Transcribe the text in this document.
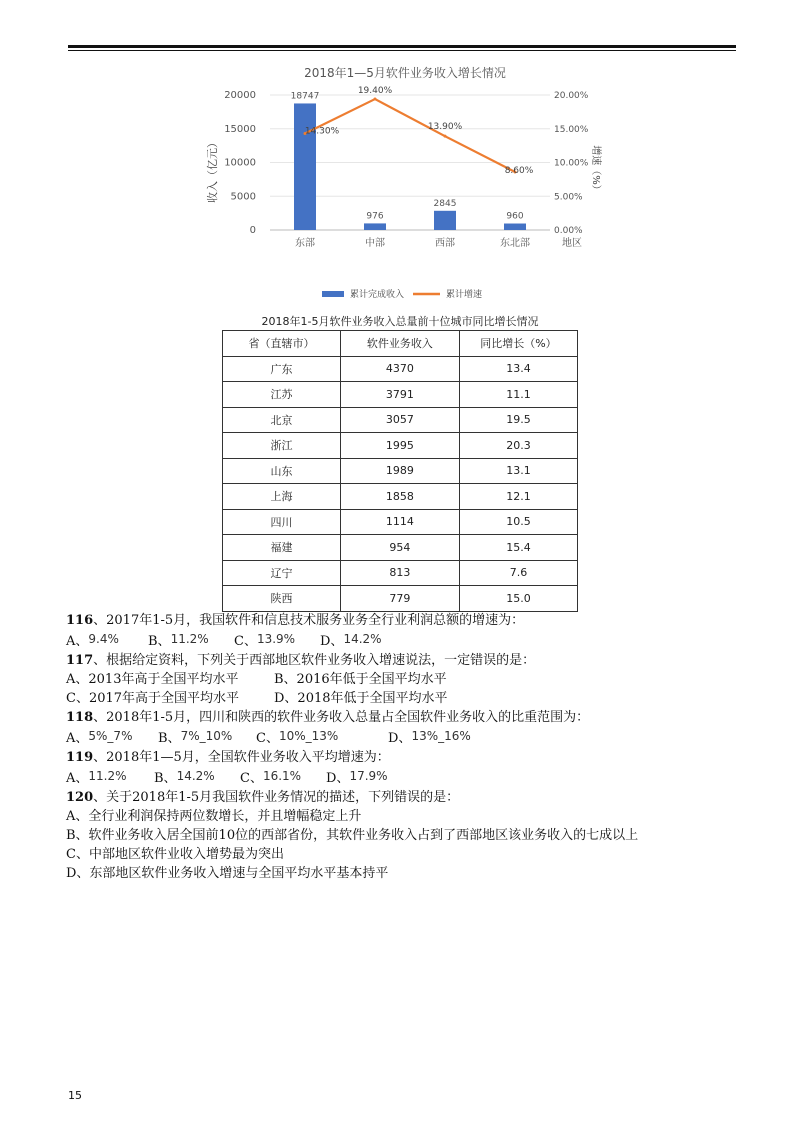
2018年1—5月软件业务收入增长情况
0
5000
10000
15000
20000
0.00%
5.00%
10.00%
15.00%
20.00%
18747
976
2845
960
14.30%
19.40%
13.90%
8.60%
东部	中部	西部	东北部	地区
收入（亿元）	增速（%）
累计完成收入	累计增速
2018年1-5月软件业务收入总量前十位城市同比增长情况
省（直辖市）	软件业务收入	同比增长（%）
广东	4370	13.4
江苏	3791	11.1
北京	3057	19.5
浙江	1995	20.3
山东	1989	13.1
上海	1858	12.1
四川	1114	10.5
福建	954	15.4
辽宁	813	7.6
陕西	779	15.0

116、2017年1-5月，我国软件和信息技术服务业务全行业利润总额的增速为：

A、9.4% B、11.2% C、13.9% D、14.2%

117、根据给定资料，下列关于西部地区软件业务收入增速说法，一定错误的是：

A、2013年高于全国平均水平	B、2016年低于全国平均水平

C、2017年高于全国平均水平	D、2018年低于全国平均水平

118、2018年1-5月，四川和陕西的软件业务收入总量占全国软件业务收入的比重范围为：

A、5%_7% B、7%_10% C、10%_13%	D、13%_16%

119、2018年1—5月，全国软件业务收入平均增速为：

A、11.2% B、14.2% C、16.1% D、17.9%

120、关于2018年1-5月我国软件业务情况的描述，下列错误的是：

A、全行业利润保持两位数增长，并且增幅稳定上升

B、软件业务收入居全国前10位的西部省份，其软件业务收入占到了西部地区该业务收入的七成以上

C、中部地区软件业收入增势最为突出

D、东部地区软件业务收入增速与全国平均水平基本持平

15
